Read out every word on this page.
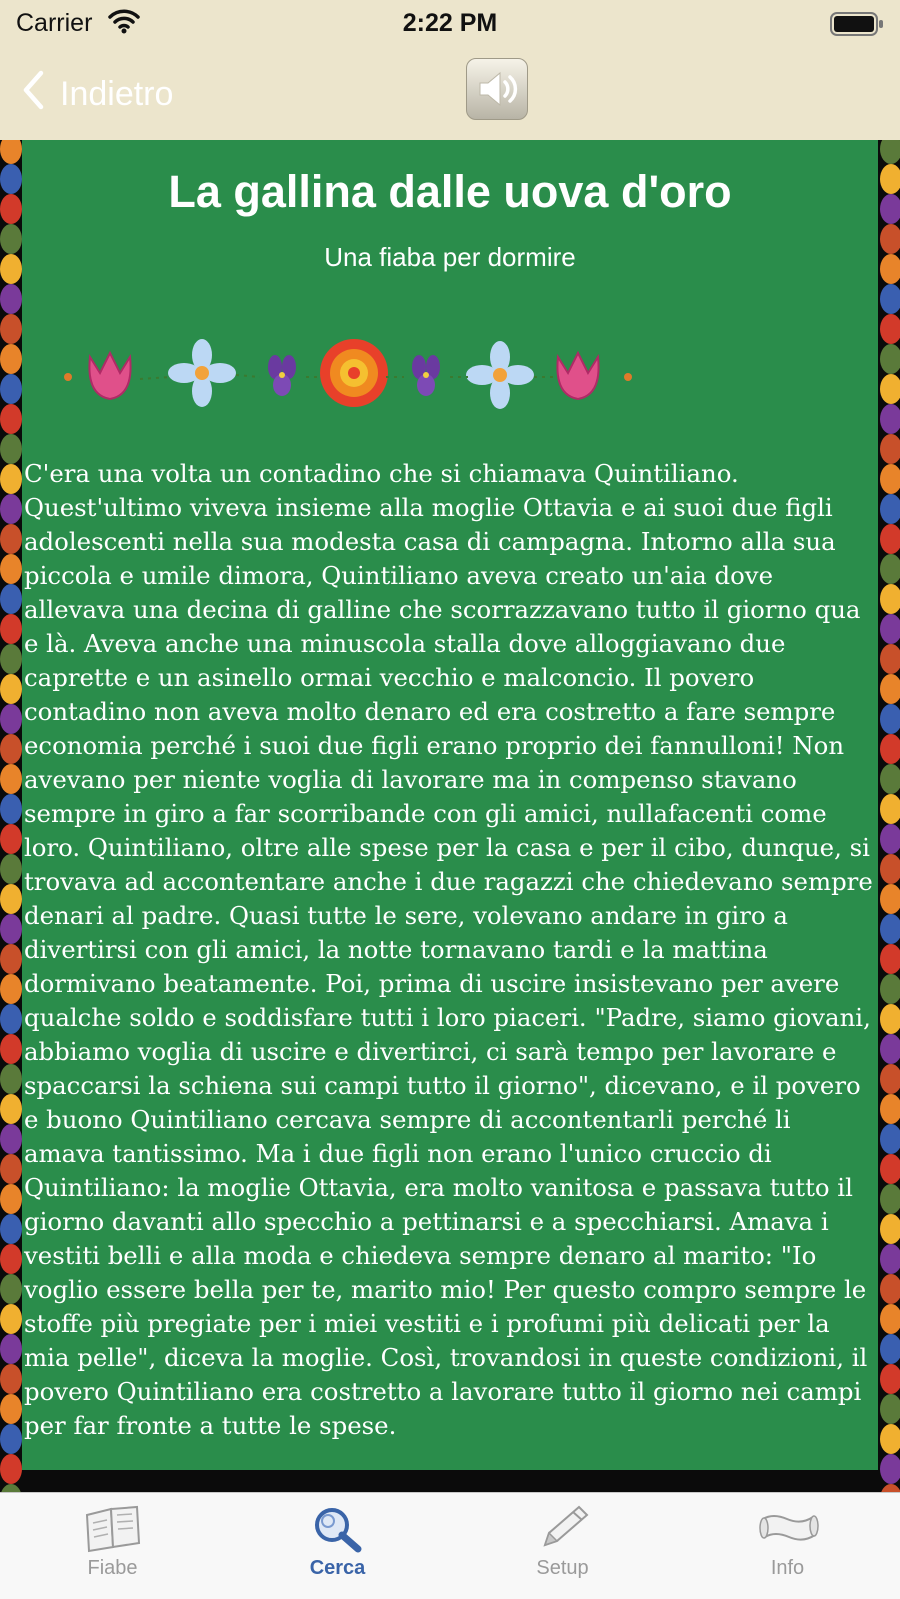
Carrier	2:22 PM
Indietro
La gallina dalle uova d'oro
Una fiaba per dormire

C'era una volta un contadino che si chiamava Quintiliano. Quest'ultimo viveva insieme alla moglie Ottavia e ai suoi due figli adolescenti nella sua modesta casa di campagna. Intorno alla sua piccola e umile dimora, Quintiliano aveva creato un'aia dove allevava una decina di galline che scorrazzavano tutto il giorno qua e là. Aveva anche una minuscola stalla dove alloggiavano due caprette e un asinello ormai vecchio e malconcio. Il povero contadino non aveva molto denaro ed era costretto a fare sempre economia perché i suoi due figli erano proprio dei fannulloni! Non avevano per niente voglia di lavorare ma in compenso stavano sempre in giro a far scorribande con gli amici, nullafacenti come loro. Quintiliano, oltre alle spese per la casa e per il cibo, dunque, si trovava ad accontentare anche i due ragazzi che chiedevano sempre denari al padre. Quasi tutte le sere, volevano andare in giro a divertirsi con gli amici, la notte tornavano tardi e la mattina dormivano beatamente. Poi, prima di uscire insistevano per avere qualche soldo e soddisfare tutti i loro piaceri. "Padre, siamo giovani, abbiamo voglia di uscire e divertirci, ci sarà tempo per lavorare e spaccarsi la schiena sui campi tutto il giorno", dicevano, e il povero e buono Quintiliano cercava sempre di accontentarli perché li amava tantissimo. Ma i due figli non erano l'unico cruccio di Quintiliano: la moglie Ottavia, era molto vanitosa e passava tutto il giorno davanti allo specchio a pettinarsi e a specchiarsi. Amava i vestiti belli e alla moda e chiedeva sempre denaro al marito: "Io voglio essere bella per te, marito mio! Per questo compro sempre le stoffe più pregiate per i miei vestiti e i profumi più delicati per la mia pelle", diceva la moglie. Così, trovandosi in queste condizioni, il povero Quintiliano era costretto a lavorare tutto il giorno nei campi per far fronte a tutte le spese.

Fiabe	Cerca	Setup	Info
